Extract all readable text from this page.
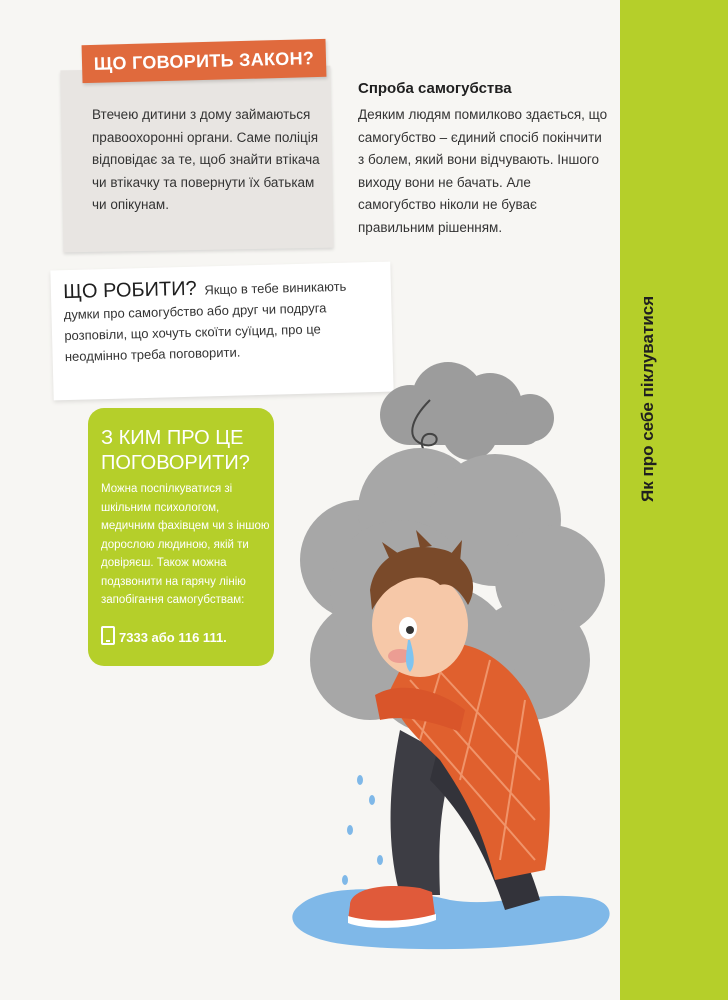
Як про себе піклуватися
ЩО ГОВОРИТЬ ЗАКОН?
Втечею дитини з дому займаються правоохоронні органи. Саме поліція відповідає за те, щоб знайти втікача чи втікачку та повернути їх батькам чи опікунам.
Спроба самогубства
Деяким людям помилково здається, що самогубство – єдиний спосіб покінчити з болем, який вони відчувають. Іншого виходу вони не бачать. Але самогубство ніколи не буває правильним рішенням.
ЩО РОБИТИ? Якщо в тебе виникають думки про самогубство або друг чи подруга розповіли, що хочуть скоїти суїцид, про це неодмінно треба поговорити.
З КИМ ПРО ЦЕ ПОГОВОРИТИ?
Можна поспілкуватися зі шкільним психологом, медичним фахівцем чи з іншою дорослою людиною, якій ти довіряєш. Також можна подзвонити на гарячу лінію запобігання самогубствам:
7333 або 116 111.
